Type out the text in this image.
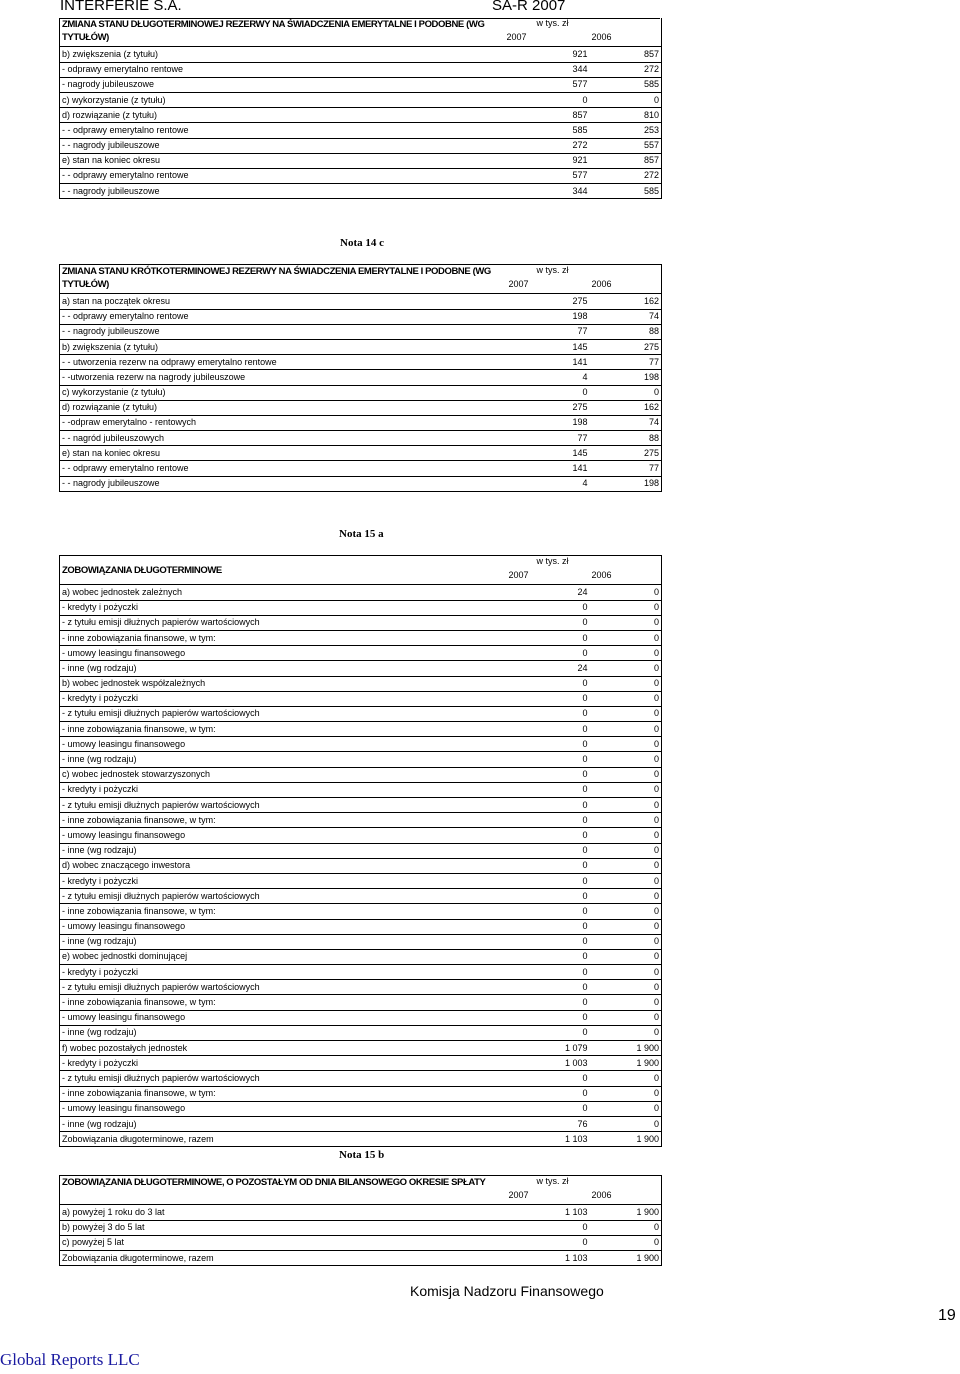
INTERFERIE S.A.	SA-R 2007
ZMIANA STANU DŁUGOTERMINOWEJ REZERWY NA ŚWIADCZENIA EMERYTALNE I PODOBNE (WG TYTUŁÓW)	w tys. zł	
	2007	2006
b) zwiększenia (z tytułu)	921	857
- odprawy emerytalno rentowe	344	272
- nagrody jubileuszowe	577	585
c) wykorzystanie (z tytułu)	0	0
d) rozwiązanie (z tytułu)	857	810
- - odprawy emerytalno rentowe	585	253
- - nagrody jubileuszowe	272	557
e) stan na koniec okresu	921	857
- - odprawy emerytalno rentowe	577	272
- - nagrody jubileuszowe	344	585
Nota 14 c
ZMIANA STANU KRÓTKOTERMINOWEJ REZERWY NA ŚWIADCZENIA EMERYTALNE I PODOBNE (WG TYTUŁÓW)	w tys. zł	
	2007	2006
a) stan na początek okresu	275	162
- - odprawy emerytalno rentowe	198	74
- - nagrody jubileuszowe	77	88
b) zwiększenia (z tytułu)	145	275
- - utworzenia rezerw na odprawy emerytalno rentowe	141	77
- -utworzenia rezerw na nagrody jubileuszowe	4	198
c) wykorzystanie (z tytułu)	0	0
d) rozwiązanie (z tytułu)	275	162
- -odpraw emerytalno - rentowych	198	74
- - nagród jubileuszowych	77	88
e) stan na koniec okresu	145	275
- - odprawy emerytalno rentowe	141	77
- - nagrody jubileuszowe	4	198
Nota 15 a
ZOBOWIĄZANIA DŁUGOTERMINOWE	w tys. zł	
	2007	2006
a) wobec jednostek zależnych	24	0
- kredyty i pożyczki	0	0
- z tytułu emisji dłużnych papierów wartościowych	0	0
- inne zobowiązania finansowe, w tym:	0	0
- umowy leasingu finansowego	0	0
- inne (wg rodzaju)	24	0
b) wobec jednostek współzależnych	0	0
- kredyty i pożyczki	0	0
- z tytułu emisji dłużnych papierów wartościowych	0	0
- inne zobowiązania finansowe, w tym:	0	0
- umowy leasingu finansowego	0	0
- inne (wg rodzaju)	0	0
c) wobec jednostek stowarzyszonych	0	0
- kredyty i pożyczki	0	0
- z tytułu emisji dłużnych papierów wartościowych	0	0
- inne zobowiązania finansowe, w tym:	0	0
- umowy leasingu finansowego	0	0
- inne (wg rodzaju)	0	0
d) wobec znaczącego inwestora	0	0
- kredyty i pożyczki	0	0
- z tytułu emisji dłużnych papierów wartościowych	0	0
- inne zobowiązania finansowe, w tym:	0	0
- umowy leasingu finansowego	0	0
- inne (wg rodzaju)	0	0
e) wobec jednostki dominującej	0	0
- kredyty i pożyczki	0	0
- z tytułu emisji dłużnych papierów wartościowych	0	0
- inne zobowiązania finansowe, w tym:	0	0
- umowy leasingu finansowego	0	0
- inne (wg rodzaju)	0	0
f) wobec pozostałych jednostek	1 079	1 900
- kredyty i pożyczki	1 003	1 900
- z tytułu emisji dłużnych papierów wartościowych	0	0
- inne zobowiązania finansowe, w tym:	0	0
- umowy leasingu finansowego	0	0
- inne (wg rodzaju)	76	0
Zobowiązania długoterminowe, razem	1 103	1 900
Nota 15 b
ZOBOWIĄZANIA DŁUGOTERMINOWE, O POZOSTAŁYM OD DNIA BILANSOWEGO OKRESIE SPŁATY	w tys. zł	
	2007	2006
a) powyżej 1 roku do 3 lat	1 103	1 900
b) powyżej 3 do 5 lat	0	0
c) powyżej 5 lat	0	0
Zobowiązania długoterminowe, razem	1 103	1 900
Komisja Nadzoru Finansowego
19
Global Reports LLC
